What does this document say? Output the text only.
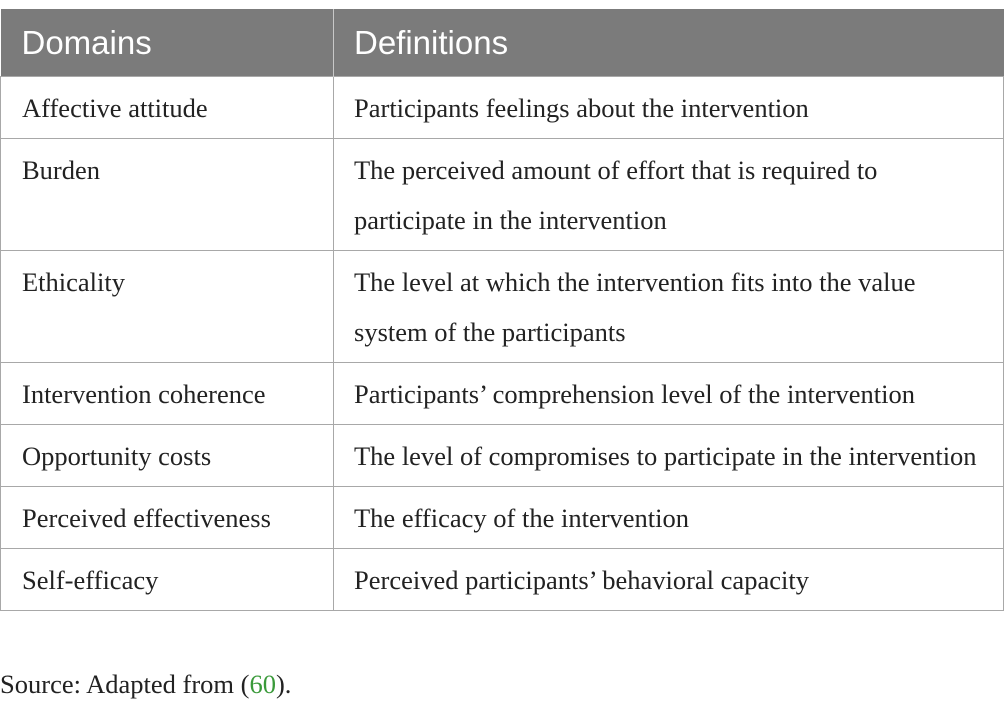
Domains	Definitions
Affective attitude	Participants feelings about the intervention
Burden	The perceived amount of effort that is required to participate in the intervention
Ethicality	The level at which the intervention fits into the value system of the participants
Intervention coherence	Participants’ comprehension level of the intervention
Opportunity costs	The level of compromises to participate in the intervention
Perceived effectiveness	The efficacy of the intervention
Self-efficacy	Perceived participants’ behavioral capacity
Source: Adapted from (60).
